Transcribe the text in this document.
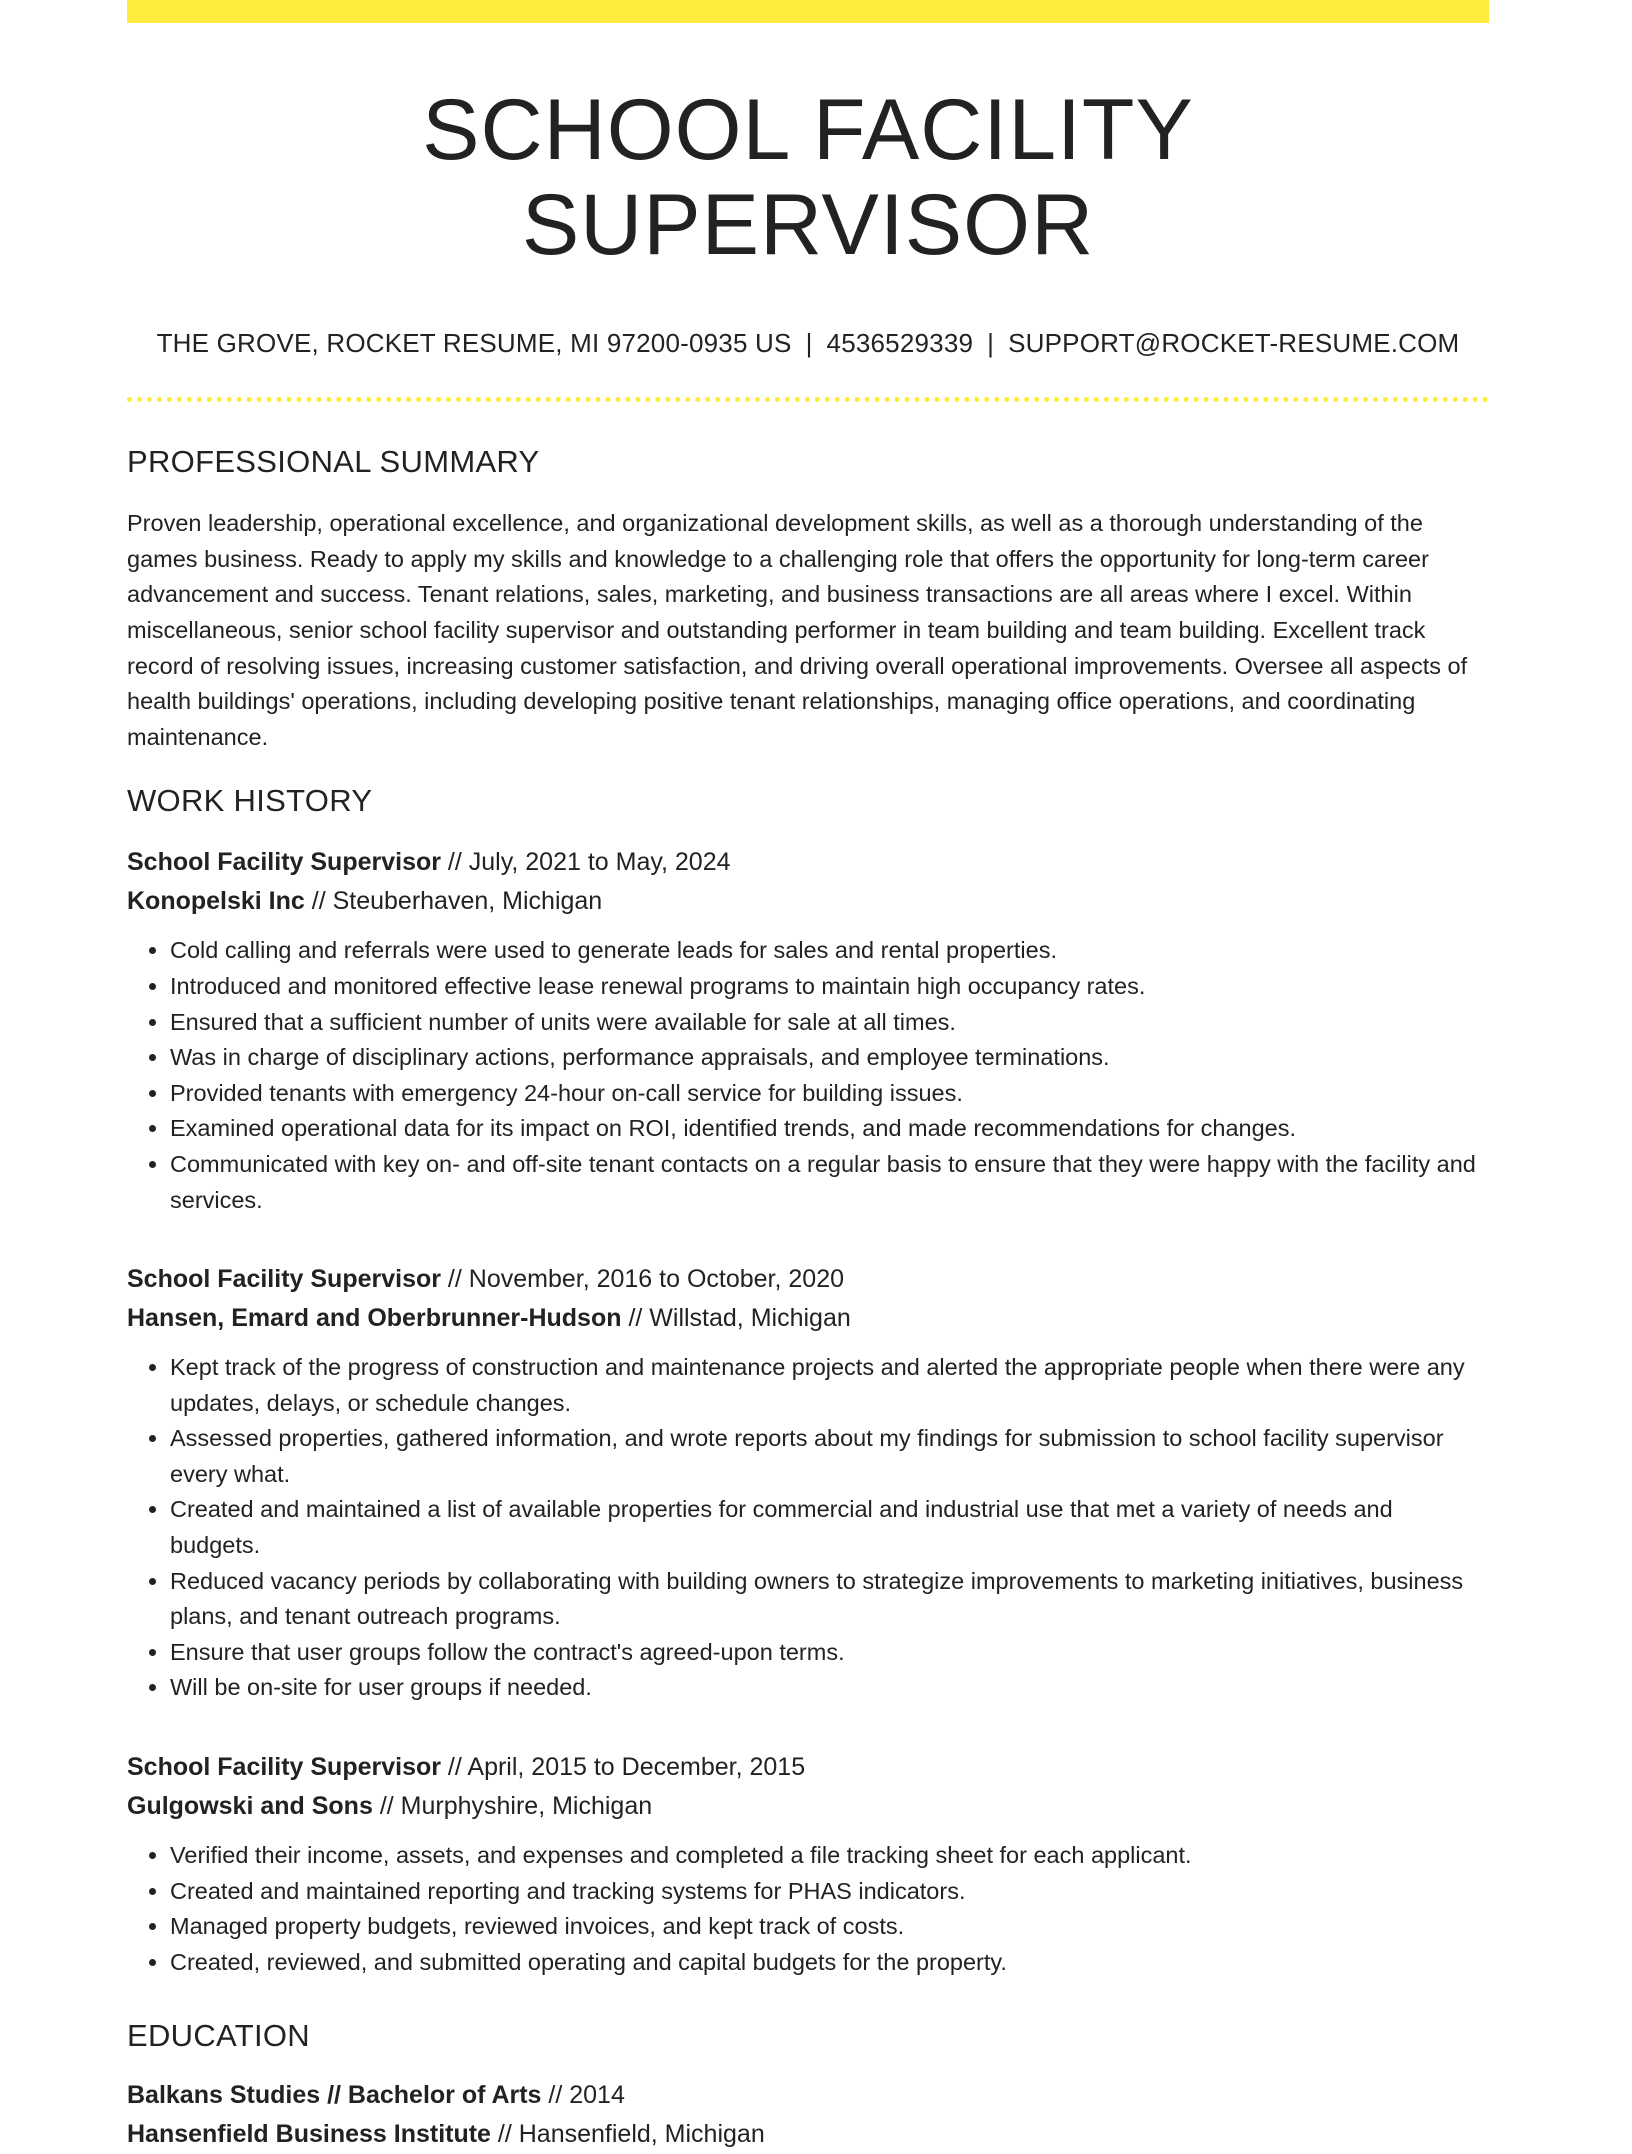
SCHOOL FACILITY SUPERVISOR
THE GROVE, ROCKET RESUME, MI 97200-0935 US | 4536529339 | SUPPORT@ROCKET-RESUME.COM
PROFESSIONAL SUMMARY
Proven leadership, operational excellence, and organizational development skills, as well as a thorough understanding of the games business. Ready to apply my skills and knowledge to a challenging role that offers the opportunity for long-term career advancement and success. Tenant relations, sales, marketing, and business transactions are all areas where I excel. Within miscellaneous, senior school facility supervisor and outstanding performer in team building and team building. Excellent track record of resolving issues, increasing customer satisfaction, and driving overall operational improvements. Oversee all aspects of health buildings' operations, including developing positive tenant relationships, managing office operations, and coordinating maintenance.
WORK HISTORY
School Facility Supervisor // July, 2021 to May, 2024
Konopelski Inc // Steuberhaven, Michigan
• Cold calling and referrals were used to generate leads for sales and rental properties.
• Introduced and monitored effective lease renewal programs to maintain high occupancy rates.
• Ensured that a sufficient number of units were available for sale at all times.
• Was in charge of disciplinary actions, performance appraisals, and employee terminations.
• Provided tenants with emergency 24-hour on-call service for building issues.
• Examined operational data for its impact on ROI, identified trends, and made recommendations for changes.
• Communicated with key on- and off-site tenant contacts on a regular basis to ensure that they were happy with the facility and services.
School Facility Supervisor // November, 2016 to October, 2020
Hansen, Emard and Oberbrunner-Hudson // Willstad, Michigan
• Kept track of the progress of construction and maintenance projects and alerted the appropriate people when there were any updates, delays, or schedule changes.
• Assessed properties, gathered information, and wrote reports about my findings for submission to school facility supervisor every what.
• Created and maintained a list of available properties for commercial and industrial use that met a variety of needs and budgets.
• Reduced vacancy periods by collaborating with building owners to strategize improvements to marketing initiatives, business plans, and tenant outreach programs.
• Ensure that user groups follow the contract's agreed-upon terms.
• Will be on-site for user groups if needed.
School Facility Supervisor // April, 2015 to December, 2015
Gulgowski and Sons // Murphyshire, Michigan
• Verified their income, assets, and expenses and completed a file tracking sheet for each applicant.
• Created and maintained reporting and tracking systems for PHAS indicators.
• Managed property budgets, reviewed invoices, and kept track of costs.
• Created, reviewed, and submitted operating and capital budgets for the property.
EDUCATION
Balkans Studies // Bachelor of Arts // 2014
Hansenfield Business Institute // Hansenfield, Michigan
